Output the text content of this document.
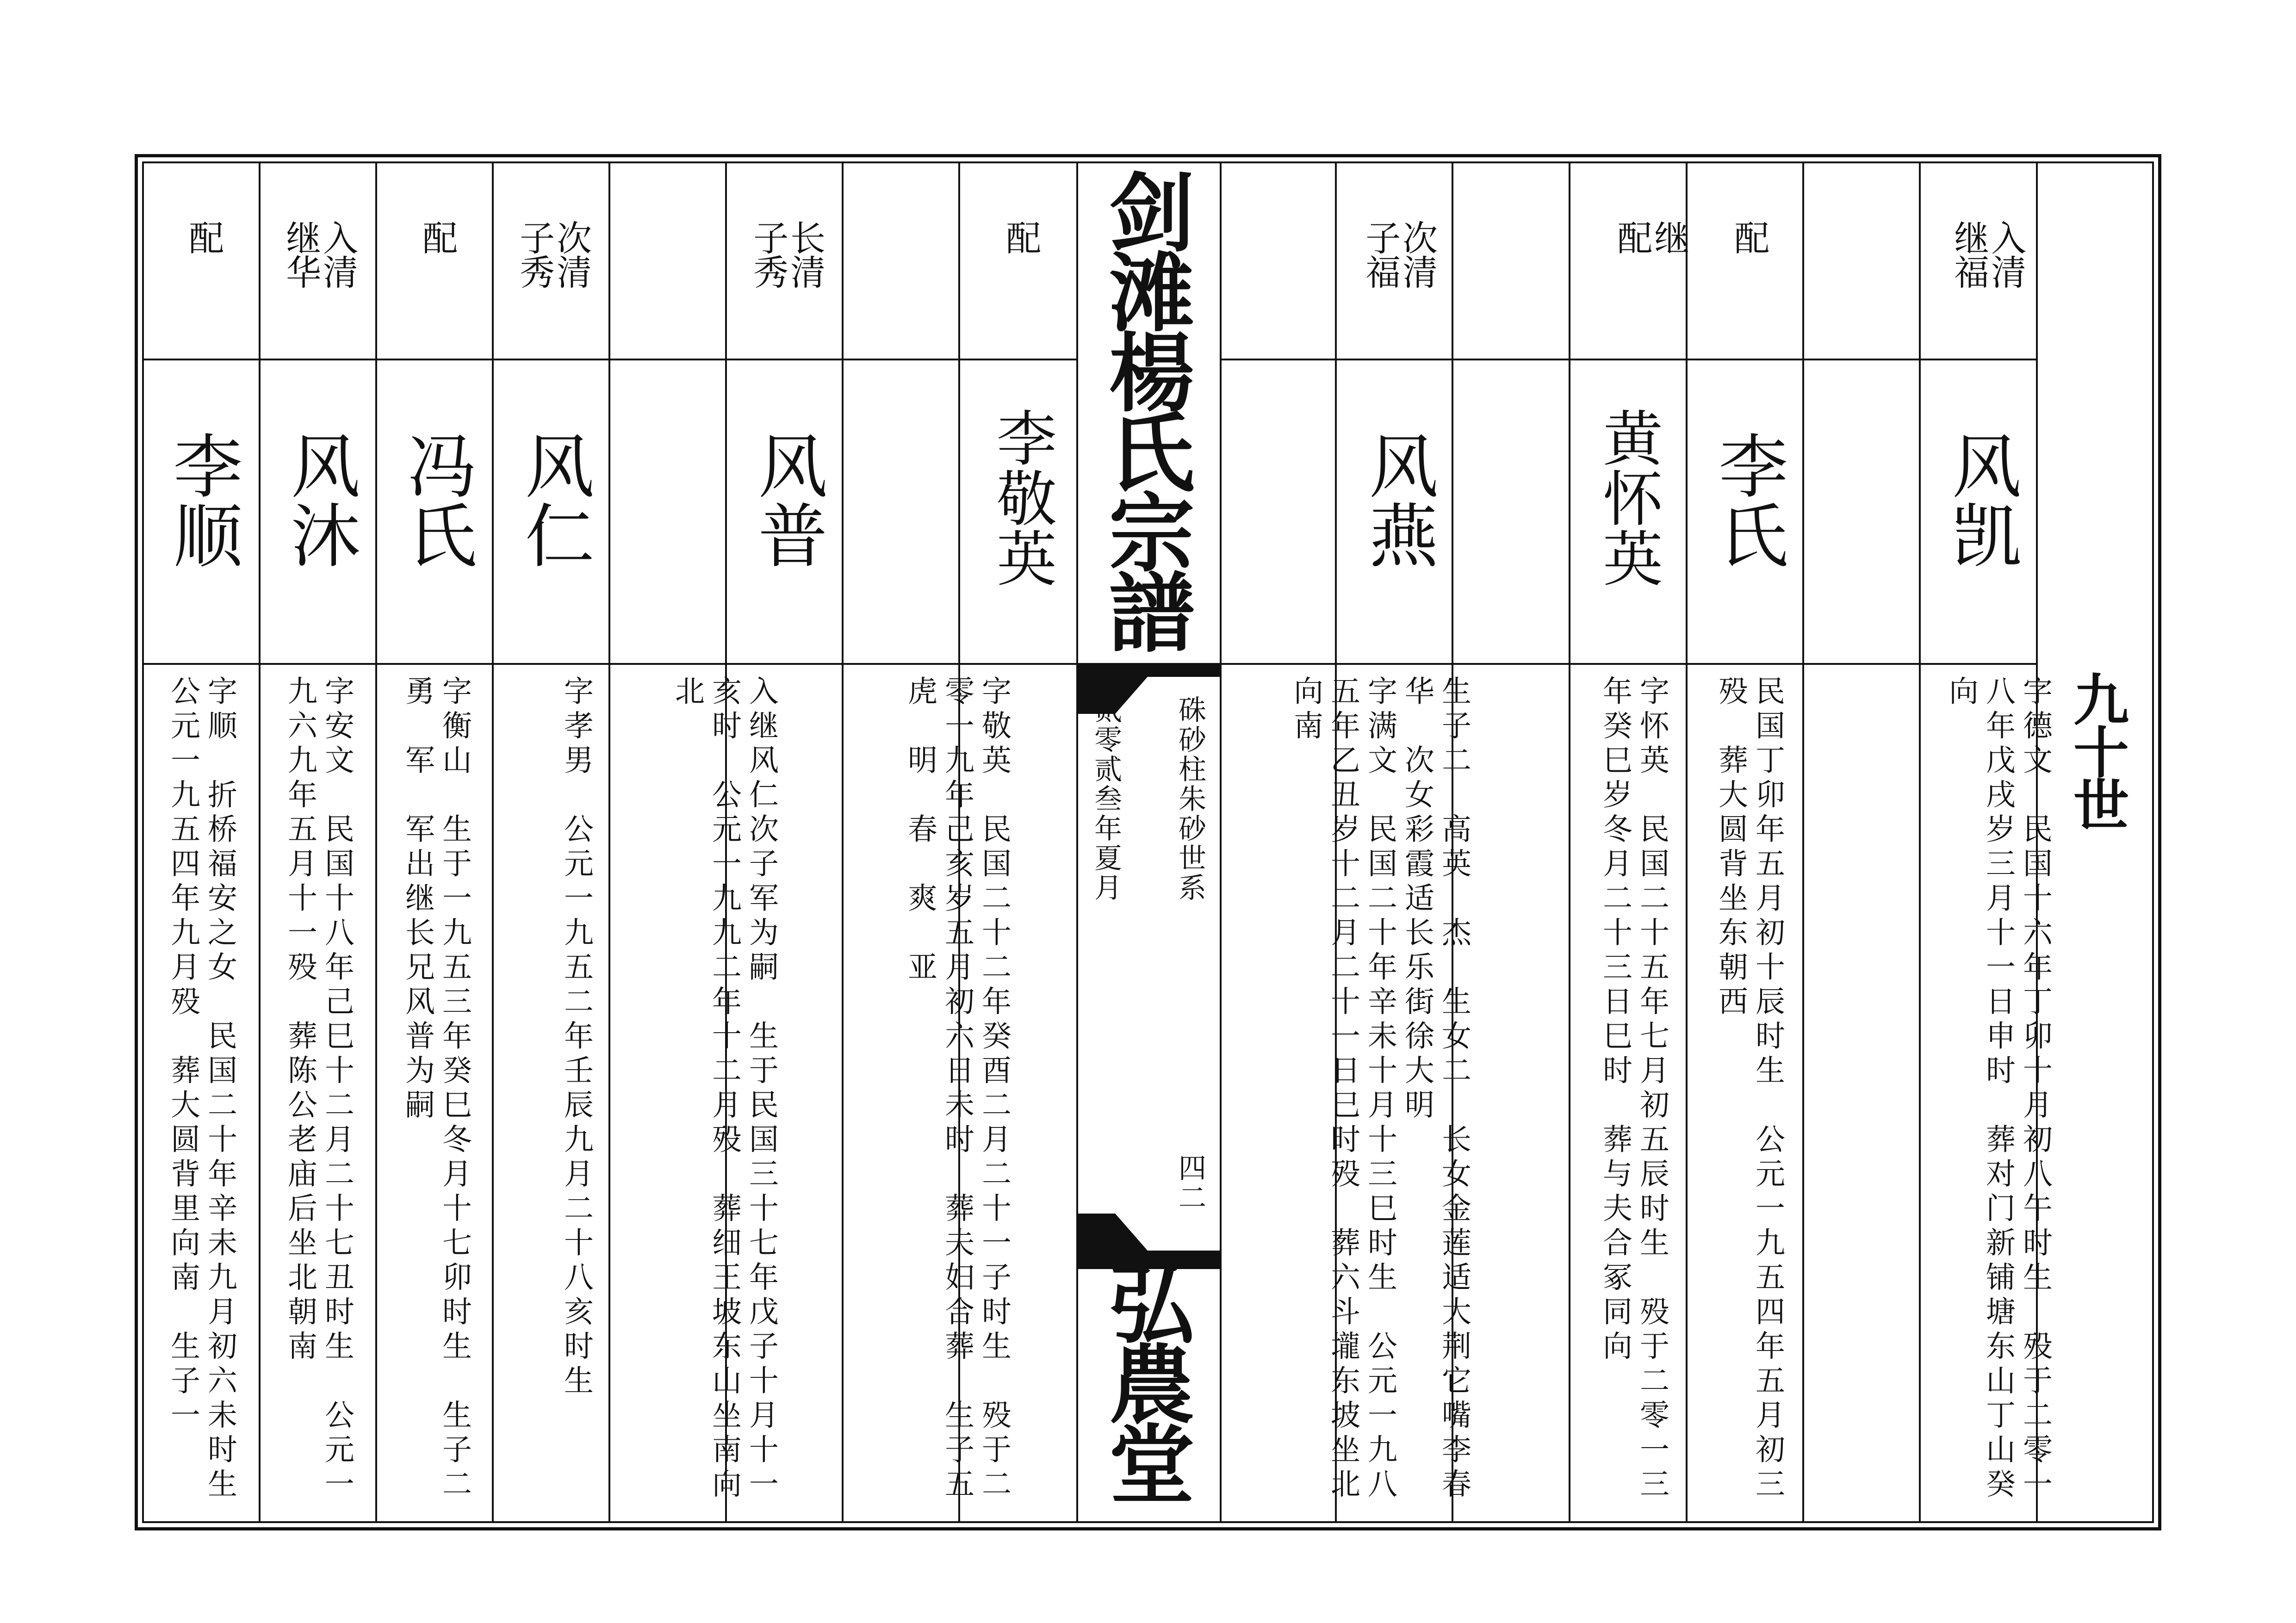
九十世
入清
继福
风凯
字德文　民国十六年丁卯十月初八午时生　殁于二零一
八年戊戌岁三月十一日申时　葬对门新铺塘东山丁山癸
向
配
李氏
民国丁卯年五月初十辰时生　公元一九五四年五月初三
殁　葬大圆背坐东朝西
继
配
黄怀英
字怀英　民国二十五年七月初五辰时生　殁于二零一三
年癸巳岁冬月二十三日巳时　葬与夫合冢同向
次清
子福
风燕
生子二　高英　杰　生女二　长女金莲适大荆它嘴李春
华　次女彩霞适长乐街徐大明
字满文　民国二十年辛未十月十三巳时生　公元一九八
五年乙丑岁十二月二十一日巳时殁　葬六斗壠东坡坐北
向南
剑滩楊氏宗譜
硃砂柱朱砂世系
贰零贰叁年夏月
四二
弘農堂
配
李敬英
字敬英　民国二十二年癸酉二月二十一子时生　殁于二
零一九年己亥岁五月初六日未时　葬夫妇合葬　生子五
虎　明　春　爽　亚
长清
子秀
风普
入继风仁次子军为嗣　生于民国三十七年戊子十月十一
亥时　公元一九九二年十二月殁　葬细王坡东山坐南向
北
次清
子秀
风仁
字孝男　公元一九五二年壬辰九月二十八亥时生
配
冯氏
字衡山　生于一九五三年癸巳冬月十七卯时生　生子二
勇　军　军出继长兄风普为嗣
入清
继华
风沐
字安文　民国十八年己巳十二月二十七丑时生　公元一
九六九年五月十一殁　葬陈公老庙后坐北朝南
配
李顺
字顺　折桥福安之女　民国二十年辛未九月初六未时生
公元一九五四年九月殁　葬大圆背里向南　生子一
